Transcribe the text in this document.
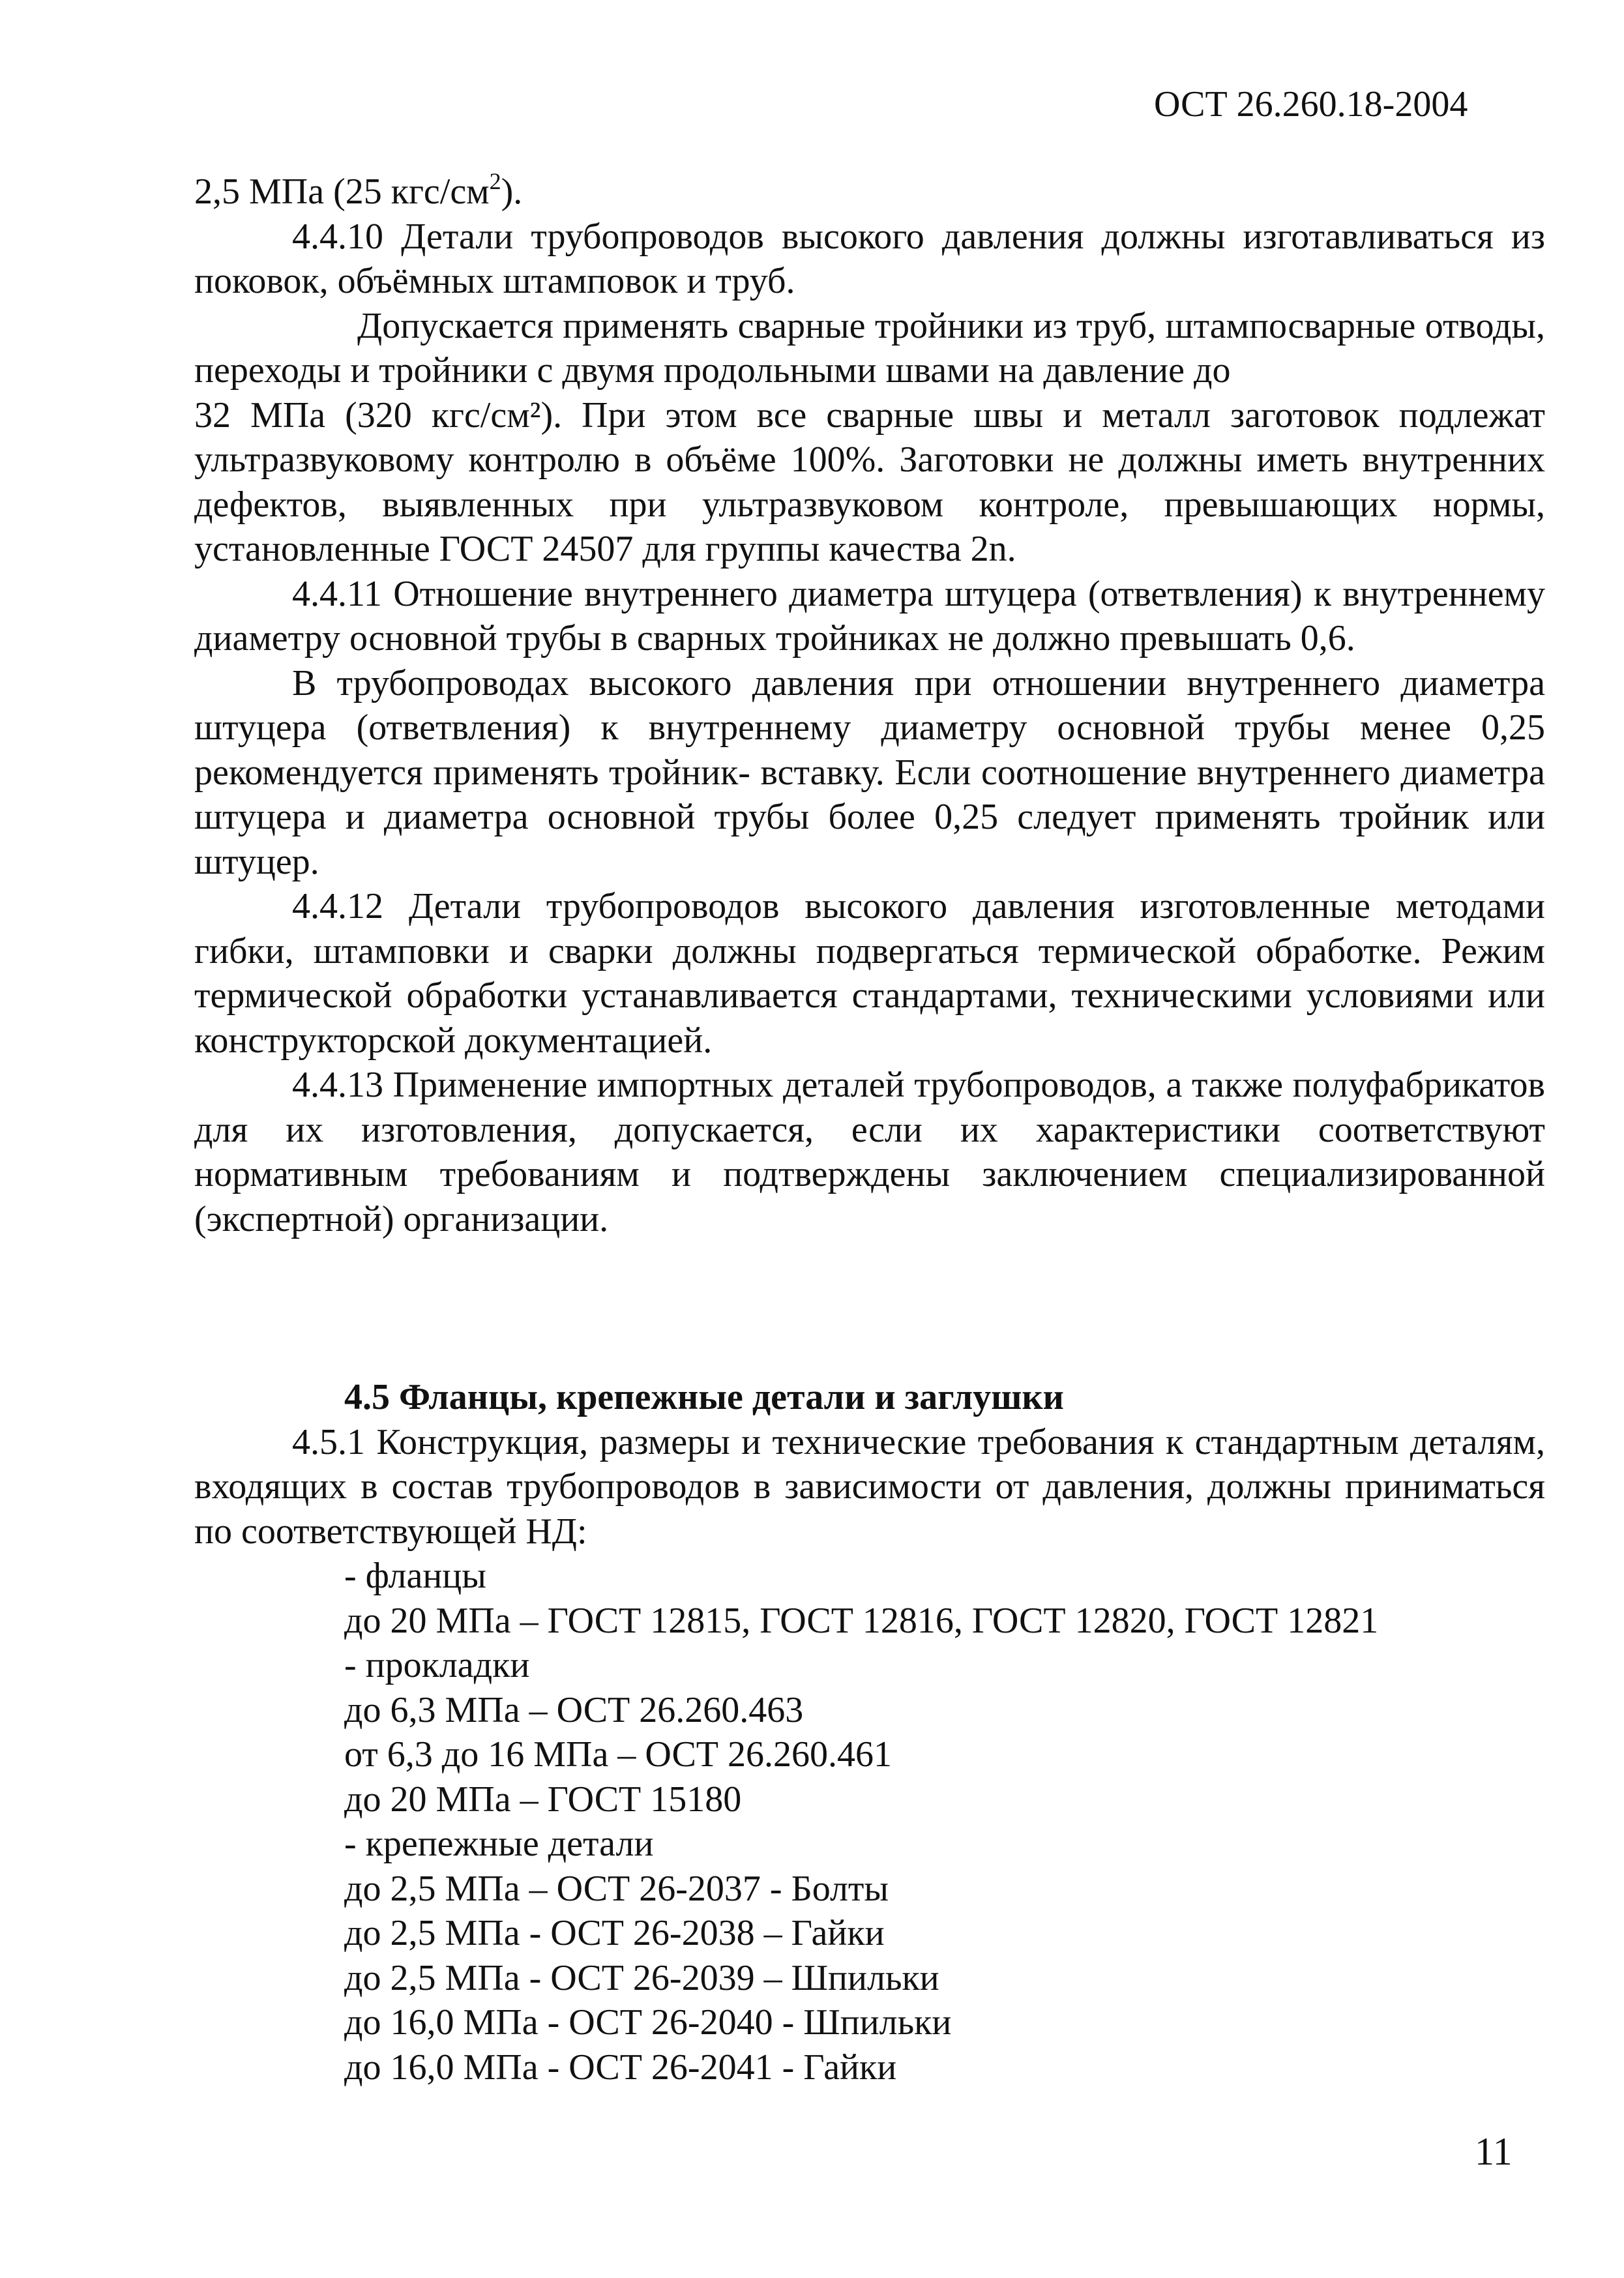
ОСТ 26.260.18-2004

2,5 МПа (25 кгс/$см^2$).

4.4.10 Детали трубопроводов высокого давления должны изготавливаться из поковок, объёмных штамповок и труб.

Допускается применять сварные тройники из труб, штампосварные отводы, переходы и тройники с двумя продольными швами на давление до

32 МПа (320 кгс/см²). При этом все сварные швы и металл заготовок подлежат ультразвуковому контролю в объёме 100%. Заготовки не должны иметь внутренних дефектов, выявленных при ультразвуковом контроле, превышающих нормы, установленные ГОСТ 24507 для группы качества 2n.

4.4.11 Отношение внутреннего диаметра штуцера (ответвления) к внутреннему диаметру основной трубы в сварных тройниках не должно превышать 0,6.

В трубопроводах высокого давления при отношении внутреннего диаметра штуцера (ответвления) к внутреннему диаметру основной трубы менее 0,25 рекомендуется применять тройник- вставку. Если соотношение внутреннего диаметра штуцера и диаметра основной трубы более 0,25 следует применять тройник или штуцер.

4.4.12 Детали трубопроводов высокого давления изготовленные методами гибки, штамповки и сварки должны подвергаться термической обработке. Режим термической обработки устанавливается стандартами, техническими условиями или конструкторской документацией.

4.4.13 Применение импортных деталей трубопроводов, а также полуфабрикатов для их изготовления, допускается, если их характеристики соответствуют нормативным требованиям и подтверждены заключением специализированной (экспертной) организации.

4.5 Фланцы, крепежные детали и заглушки

4.5.1 Конструкция, размеры и технические требования к стандартным деталям, входящих в состав трубопроводов в зависимости от давления, должны приниматься по соответствующей НД:

- фланцы

до 20 МПа – ГОСТ 12815, ГОСТ 12816, ГОСТ 12820, ГОСТ 12821

- прокладки

до 6,3 МПа – ОСТ 26.260.463

от 6,3 до 16 МПа – ОСТ 26.260.461

до 20 МПа – ГОСТ 15180

- крепежные детали

до 2,5 МПа – ОСТ 26-2037 - Болты

до 2,5 МПа - ОСТ 26-2038 – Гайки

до 2,5 МПа - ОСТ 26-2039 – Шпильки

до 16,0 МПа - ОСТ 26-2040 - Шпильки

до 16,0 МПа - ОСТ 26-2041 - Гайки

11
